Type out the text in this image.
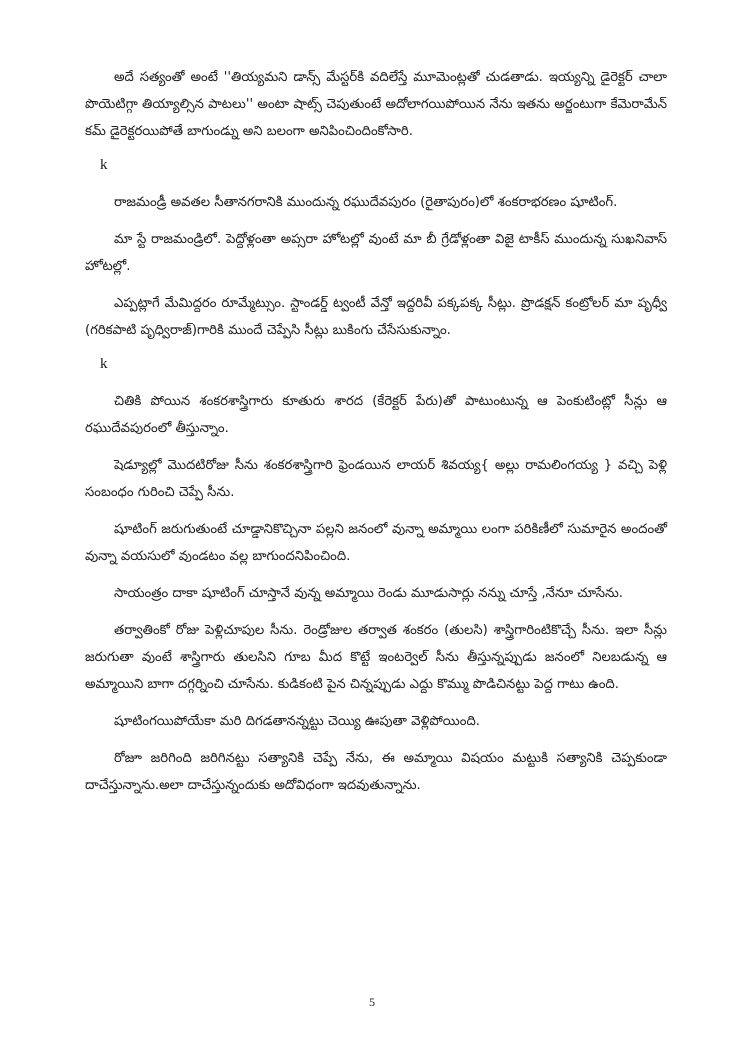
అదే సత్యంతో అంటే ''తియ్యమని డాన్స్ మేస్టర్‌కి వదిలేస్తే మూమెంట్లతో చుడతాడు. ఇయ్యన్ని డైరెక్టర్ చాలా పొయెటిగ్గా తియ్యాల్సిన పాటలు'' అంటా షాట్స్ చెపుతుంటే అదోలాగయిపోయిన నేను ఇతను అర్జంటుగా కేమెరామేన్ కమ్ డైరెక్టరయిపోతే బాగుండ్ను అని బలంగా అనిపించిందింకోసారి.

k

రాజమండ్రీ అవతల సీతానగరానికి ముందున్న రఘుదేవపురం (రైతాపురం)లో శంకరాభరణం షూటింగ్.

మా స్టే రాజమండ్రిలో. పెద్దోళ్లంతా అప్సరా హోటల్లో వుంటే మా బీ గ్రేడోళ్లంతా విజై టాకీస్ ముందున్న సుఖనివాస్ హోటల్లో.

ఎప్పట్లాగే మేమిద్దరం రూమ్మేట్సుం. స్టాండర్డ్ ట్వంటీ వేన్తో ఇద్దరివీ పక్కపక్క సీట్లు. ప్రొడక్షన్ కంట్రోలర్ మా పృధ్వీ (గరికపాటి పృధ్విరాజ్)గారికి ముందే చెప్పేసి సీట్లు బుకింగు చేసేసుకున్నాం.

k

చితికి పోయిన శంకరశాస్త్రిగారు కూతురు శారద (కేరెక్టర్ పేరు)తో పాటుంటున్న ఆ పెంకుటింట్లో సీన్లు ఆ రఘుదేవపురంలో తీస్తున్నాం.

షెడ్యూల్లో మొదటిరోజు సీను శంకరశాస్త్రిగారి ఫ్రెండయిన లాయర్ శివయ్య{ అల్లు రామలింగయ్య } వచ్చి పెళ్లి సంబంధం గురించి చెప్పే సీను.

షూటింగ్ జరుగుతుంటే చూడ్డానికొచ్చినా పల్లని జనంలో వున్నా అమ్మాయి లంగా పరికిణీలో సుమారైన అందంతో వున్నా వయసులో వుండటం వల్ల బాగుందనిపించింది.

సాయంత్రం దాకా షూటింగ్ చూస్తానే వున్న అమ్మాయి రెండు మూడుసార్లు నన్ను చూస్తే ,నేనూ చూసేను.

తర్వాతింకో రోజు పెళ్లిచూపుల సీను. రెండ్రోజుల తర్వాత శంకరం (తులసి) శాస్త్రిగారింటికొచ్చే సీను. ఇలా సీన్లు జరుగుతా వుంటే శాస్త్రిగారు తులసిని గూబ మీద కొట్టే ఇంటర్వెల్ సీను తీస్తున్నప్పుడు జనంలో నిలబడున్న ఆ అమ్మాయిని బాగా దగ్గర్నించి చూసేను. కుడికంటి పైన చిన్నప్పుడు ఎద్దు కొమ్ము పొడిచినట్టు పెద్ద గాటు ఉంది.

షూటింగయిపోయేకా మరి దిగడతానన్నట్టు చెయ్యి ఊపుతా వెళ్లిపోయింది.

రోజూ జరిగింది జరిగినట్టు సత్యానికి చెప్పే నేను, ఈ అమ్మాయి విషయం మట్టుకి సత్యానికి చెప్పకుండా దాచేస్తున్నాను.అలా దాచేస్తున్నందుకు అదోవిధంగా ఇదవుతున్నాను.

5
